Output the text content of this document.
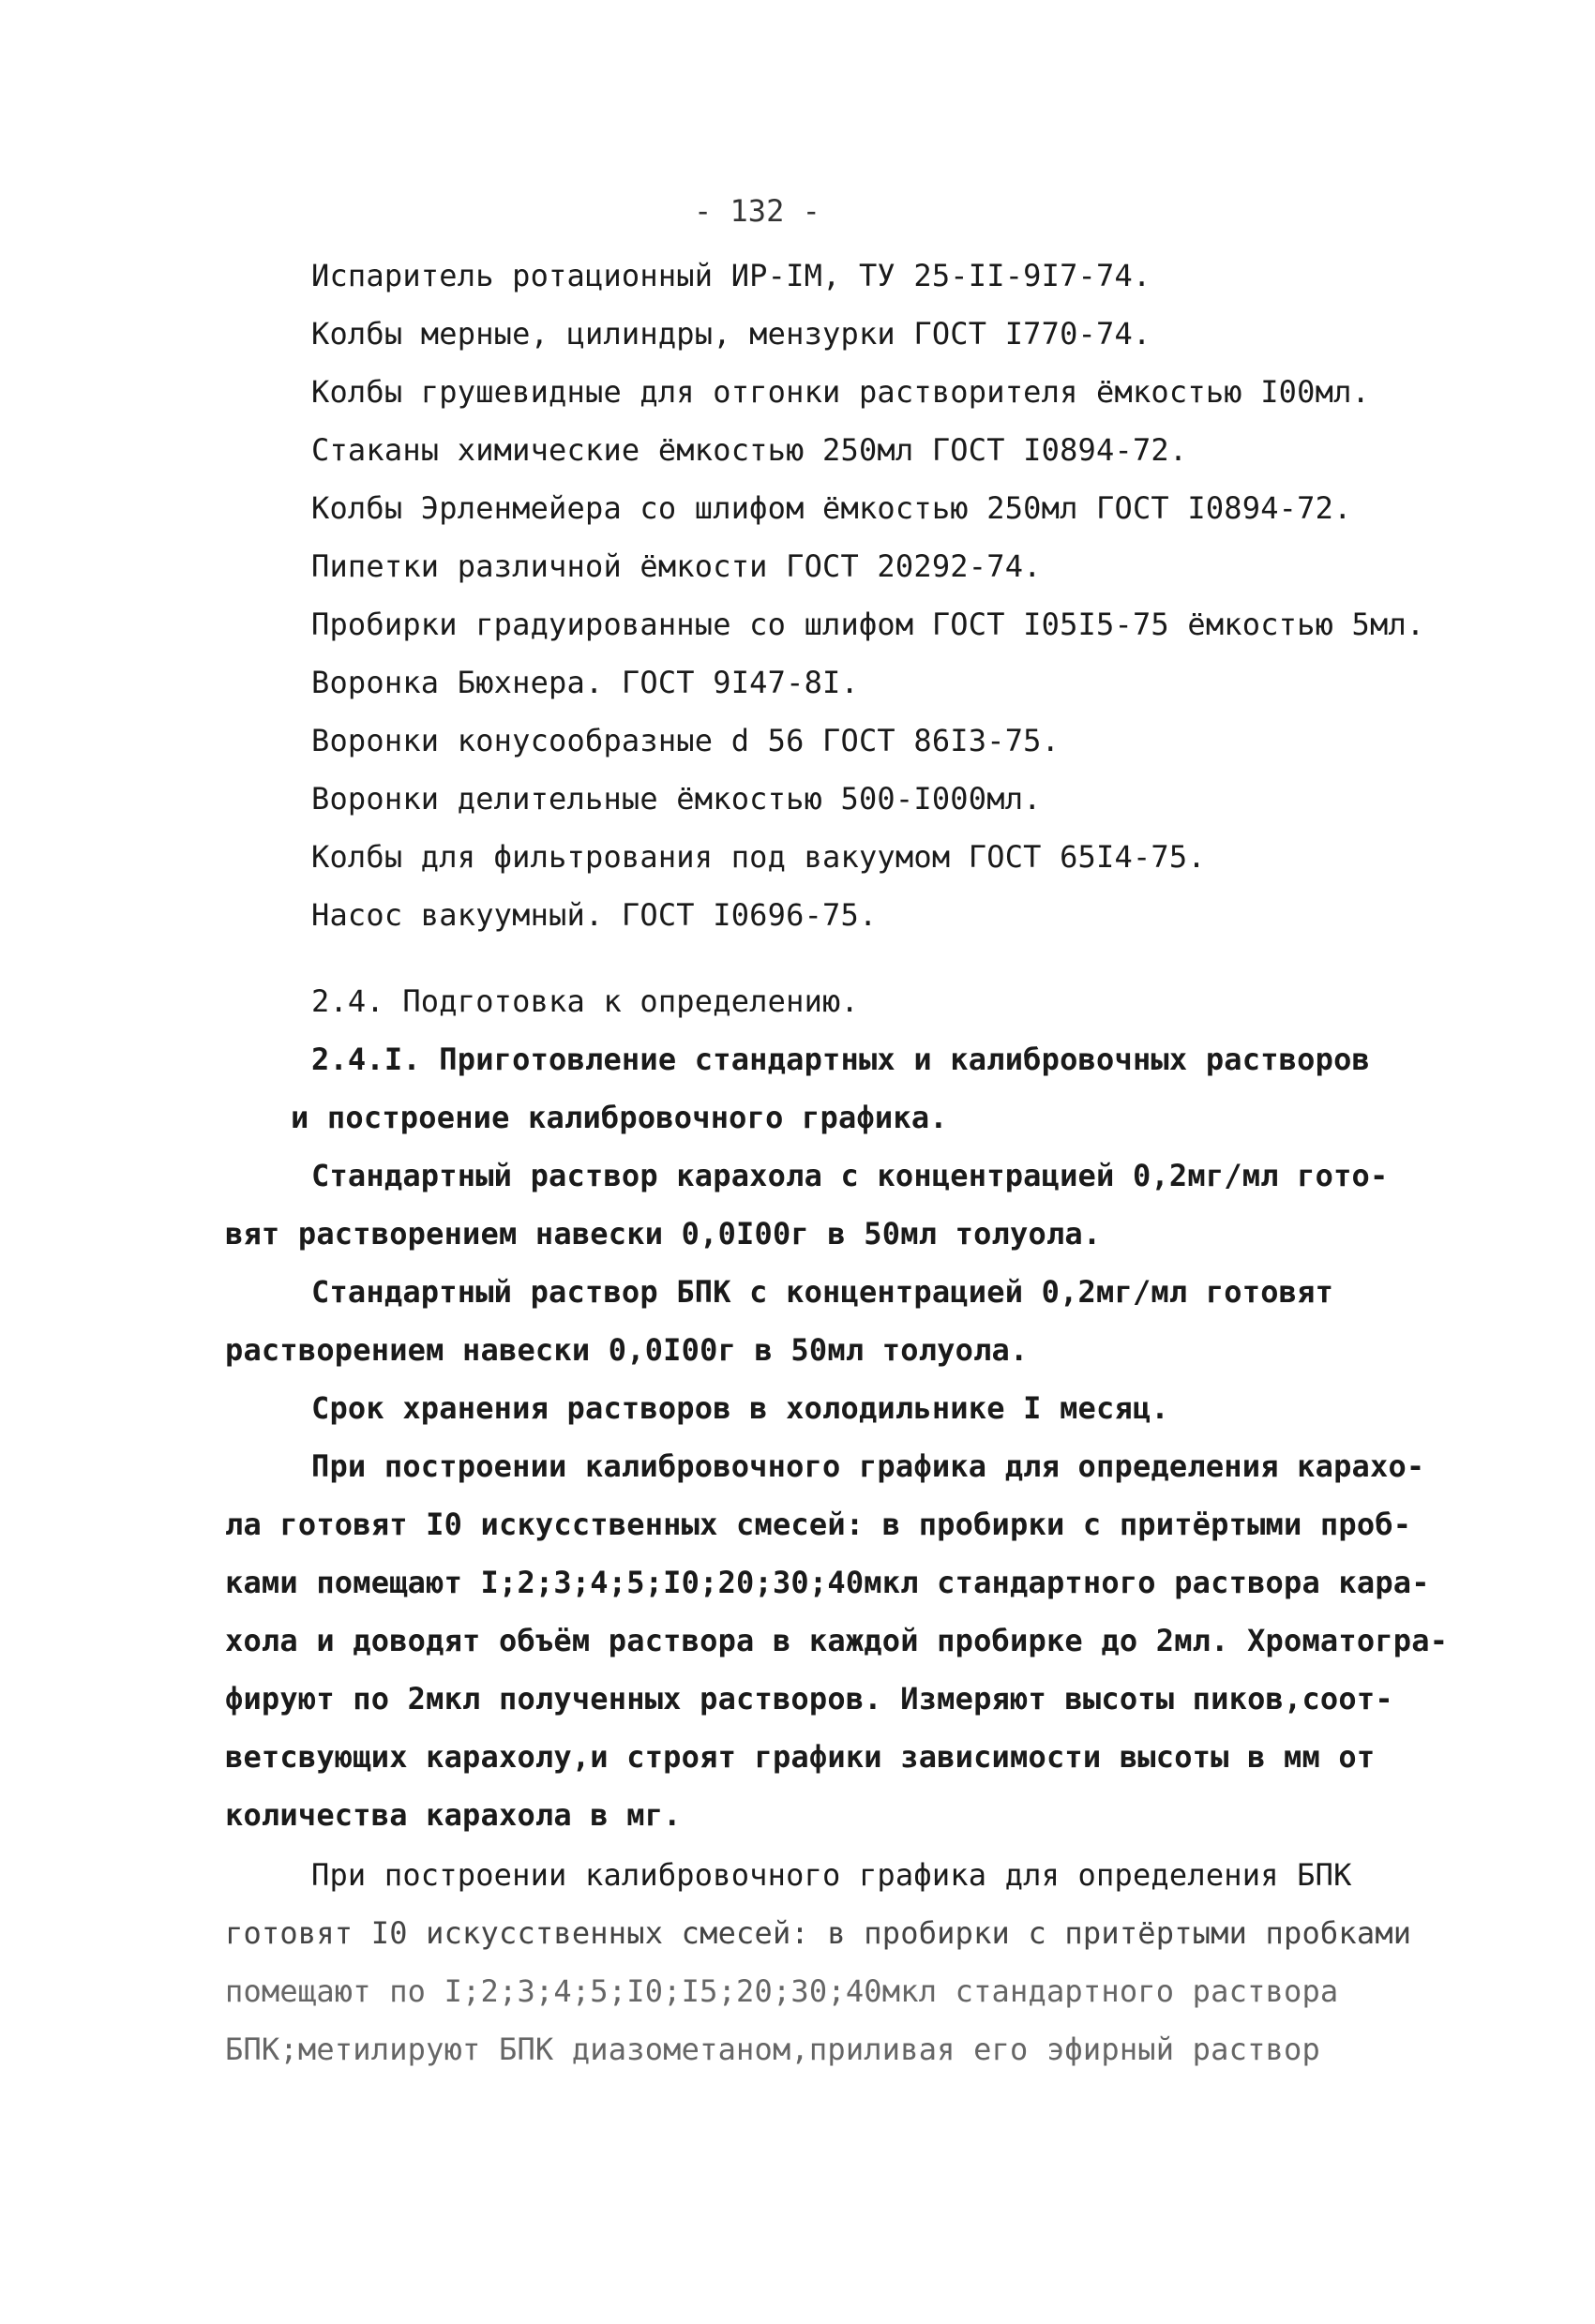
- 132 -
Испаритель ротационный ИР-IМ, ТУ 25-II-9I7-74.
Колбы мерные, цилиндры, мензурки ГОСТ I770-74.
Колбы грушевидные для отгонки растворителя ёмкостью I00мл.
Стаканы химические ёмкостью 250мл ГОСТ I0894-72.
Колбы Эрленмейера со шлифом ёмкостью 250мл ГОСТ I0894-72.
Пипетки различной ёмкости ГОСТ 20292-74.
Пробирки градуированные со шлифом ГОСТ I05I5-75 ёмкостью 5мл.
Воронка Бюхнера. ГОСТ 9I47-8I.
Воронки конусообразные d 56 ГОСТ 86I3-75.
Воронки делительные ёмкостью 500-I000мл.
Колбы для фильтрования под вакуумом ГОСТ 65I4-75.
Насос вакуумный. ГОСТ I0696-75.
2.4. Подготовка к определению.
2.4.I. Приготовление стандартных и калибровочных растворов
и построение калибровочного графика.
Стандартный раствор карахола с концентрацией 0,2мг/мл гото-
вят растворением навески 0,0I00г в 50мл толуола.
Стандартный раствор БПК с концентрацией 0,2мг/мл готовят
растворением навески 0,0I00г в 50мл толуола.
Срок хранения растворов в холодильнике I месяц.
При построении калибровочного графика для определения карахо-
ла готовят I0 искусственных смесей: в пробирки с притёртыми проб-
ками помещают I;2;3;4;5;I0;20;30;40мкл стандартного раствора кара-
хола и доводят объём раствора в каждой пробирке до 2мл. Хроматогра-
фируют по 2мкл полученных растворов. Измеряют высоты пиков,соот-
ветсвующих карахолу,и строят графики зависимости высоты в мм от
количества карахола в мг.
При построении калибровочного графика для определения БПК
готовят I0 искусственных смесей: в пробирки с притёртыми пробками
помещают по I;2;3;4;5;I0;I5;20;30;40мкл стандартного раствора
БПК;метилируют БПК диазометаном,приливая его эфирный раствор
